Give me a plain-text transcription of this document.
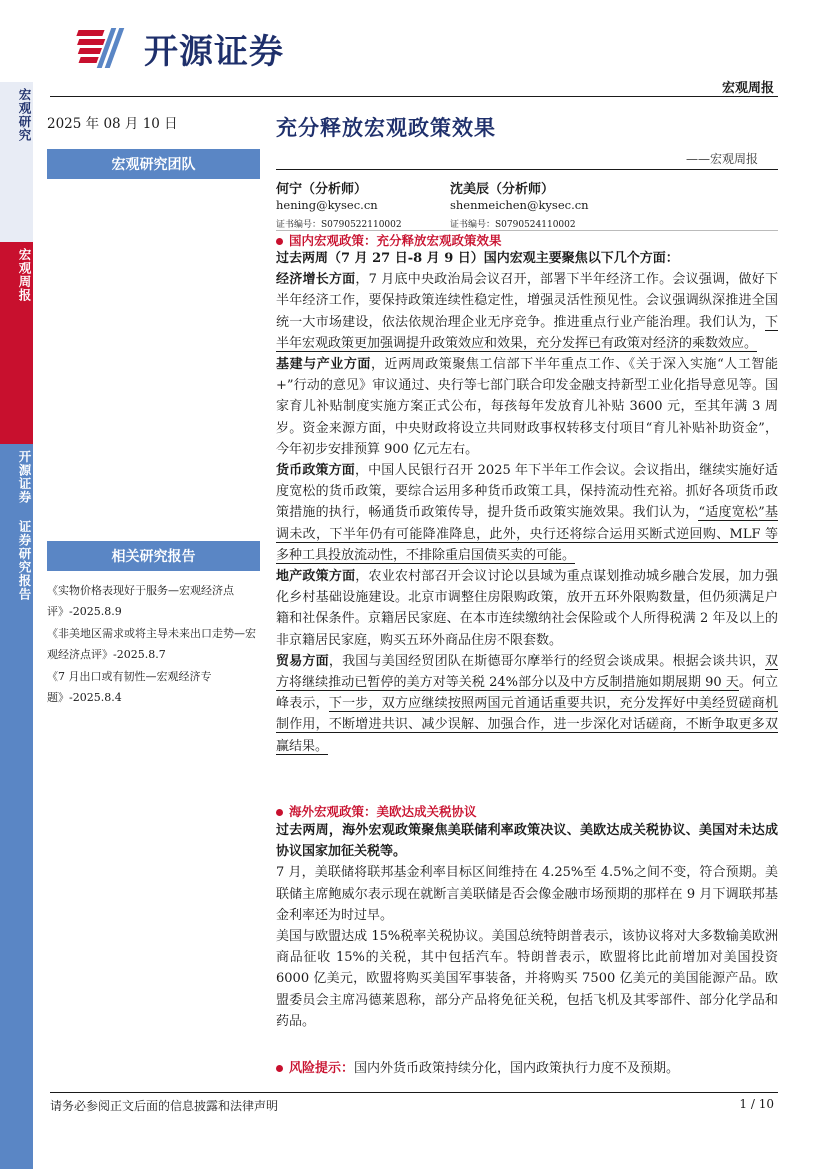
开源证券
宏观周报
宏观研究
宏观周报
开源证券 证券研究报告
2025 年 08 月 10 日
宏观研究团队
相关研究报告
《实物价格表现好于服务—宏观经济点评》-2025.8.9
《非美地区需求或将主导未来出口走势—宏观经济点评》-2025.8.7
《7 月出口或有韧性—宏观经济专题》-2025.8.4
充分释放宏观政策效果
——宏观周报
何宁（分析师）
hening@kysec.cn
证书编号：S0790522110002
沈美辰（分析师）
shenmeichen@kysec.cn
证书编号：S0790524110002
国内宏观政策：充分释放宏观政策效果
过去两周（7 月 27 日-8 月 9 日）国内宏观主要聚焦以下几个方面：
经济增长方面，7 月底中央政治局会议召开，部署下半年经济工作。会议强调，做好下半年经济工作，要保持政策连续性稳定性，增强灵活性预见性。会议强调纵深推进全国统一大市场建设，依法依规治理企业无序竞争。推进重点行业产能治理。我们认为，下半年宏观政策更加强调提升政策效应和效果，充分发挥已有政策对经济的乘数效应。
基建与产业方面，近两周政策聚焦工信部下半年重点工作、《关于深入实施“人工智能+”行动的意见》审议通过、央行等七部门联合印发金融支持新型工业化指导意见等。国家育儿补贴制度实施方案正式公布，每孩每年发放育儿补贴 3600 元，至其年满 3 周岁。资金来源方面，中央财政将设立共同财政事权转移支付项目“育儿补贴补助资金”，今年初步安排预算 900 亿元左右。
货币政策方面，中国人民银行召开 2025 年下半年工作会议。会议指出，继续实施好适度宽松的货币政策，要综合运用多种货币政策工具，保持流动性充裕。抓好各项货币政策措施的执行，畅通货币政策传导，提升货币政策实施效果。我们认为，“适度宽松”基调未改，下半年仍有可能降准降息，此外，央行还将综合运用买断式逆回购、MLF 等多种工具投放流动性，不排除重启国债买卖的可能。
地产政策方面，农业农村部召开会议讨论以县域为重点谋划推动城乡融合发展，加力强化乡村基础设施建设。北京市调整住房限购政策，放开五环外限购数量，但仍须满足户籍和社保条件。京籍居民家庭、在本市连续缴纳社会保险或个人所得税满 2 年及以上的非京籍居民家庭，购买五环外商品住房不限套数。
贸易方面，我国与美国经贸团队在斯德哥尔摩举行的经贸会谈成果。根据会谈共识，双方将继续推动已暂停的美方对等关税 24%部分以及中方反制措施如期展期 90 天。何立峰表示，下一步，双方应继续按照两国元首通话重要共识，充分发挥好中美经贸磋商机制作用，不断增进共识、减少误解、加强合作，进一步深化对话磋商，不断争取更多双赢结果。
海外宏观政策：美欧达成关税协议
过去两周，海外宏观政策聚焦美联储利率政策决议、美欧达成关税协议、美国对未达成协议国家加征关税等。
7 月，美联储将联邦基金利率目标区间维持在 4.25%至 4.5%之间不变，符合预期。美联储主席鲍威尔表示现在就断言美联储是否会像金融市场预期的那样在 9 月下调联邦基金利率还为时过早。
美国与欧盟达成 15%税率关税协议。美国总统特朗普表示，该协议将对大多数输美欧洲商品征收 15%的关税，其中包括汽车。特朗普表示，欧盟将比此前增加对美国投资 6000 亿美元，欧盟将购买美国军事装备，并将购买 7500 亿美元的美国能源产品。欧盟委员会主席冯德莱恩称，部分产品将免征关税，包括飞机及其零部件、部分化学品和药品。
风险提示：国内外货币政策持续分化，国内政策执行力度不及预期。
请务必参阅正文后面的信息披露和法律声明	1 / 10
